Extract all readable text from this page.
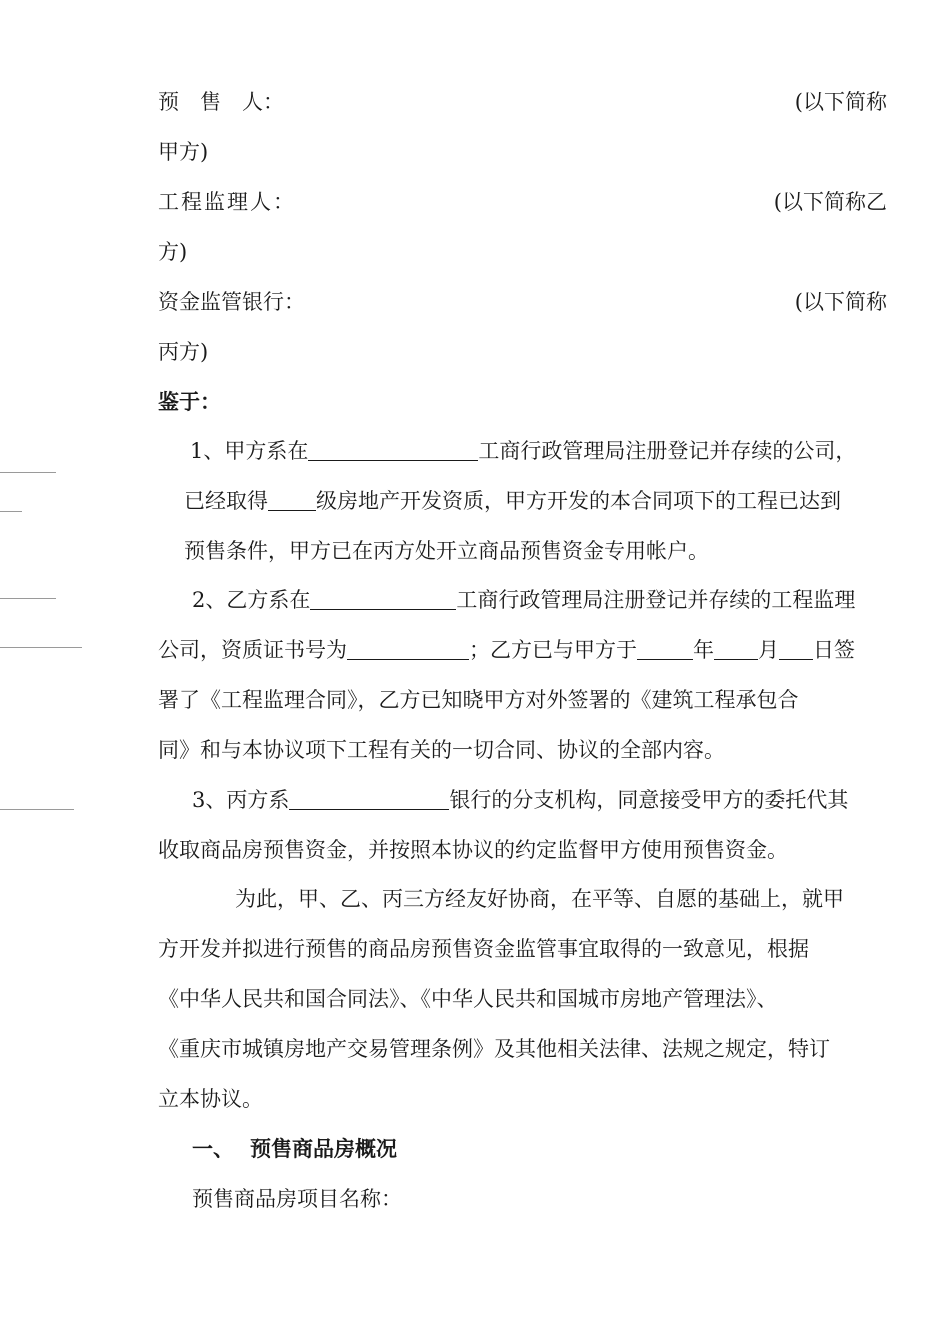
预　售　人：	(以下简称
甲方)
工程监理人：	(以下简称乙
方)
资金监管银行：	(以下简称
丙方)
鉴于：
1、甲方系在	工商行政管理局注册登记并存续的公司，
已经取得 级房地产开发资质，甲方开发的本合同项下的工程已达到
预售条件，甲方已在丙方处开立商品预售资金专用帐户。
2、乙方系在	工商行政管理局注册登记并存续的工程监理
公司，资质证书号为	；乙方已与甲方于	年 月 日签
署了《工程监理合同》，乙方已知晓甲方对外签署的《建筑工程承包合
同》和与本协议项下工程有关的一切合同、协议的全部内容。
3、丙方系	银行的分支机构，同意接受甲方的委托代其
收取商品房预售资金，并按照本协议的约定监督甲方使用预售资金。
为此，甲、乙、丙三方经友好协商，在平等、自愿的基础上，就甲
方开发并拟进行预售的商品房预售资金监管事宜取得的一致意见，根据
《中华人民共和国合同法》、《中华人民共和国城市房地产管理法》、
《重庆市城镇房地产交易管理条例》及其他相关法律、法规之规定，特订
立本协议。
一、 预售商品房概况
预售商品房项目名称：
